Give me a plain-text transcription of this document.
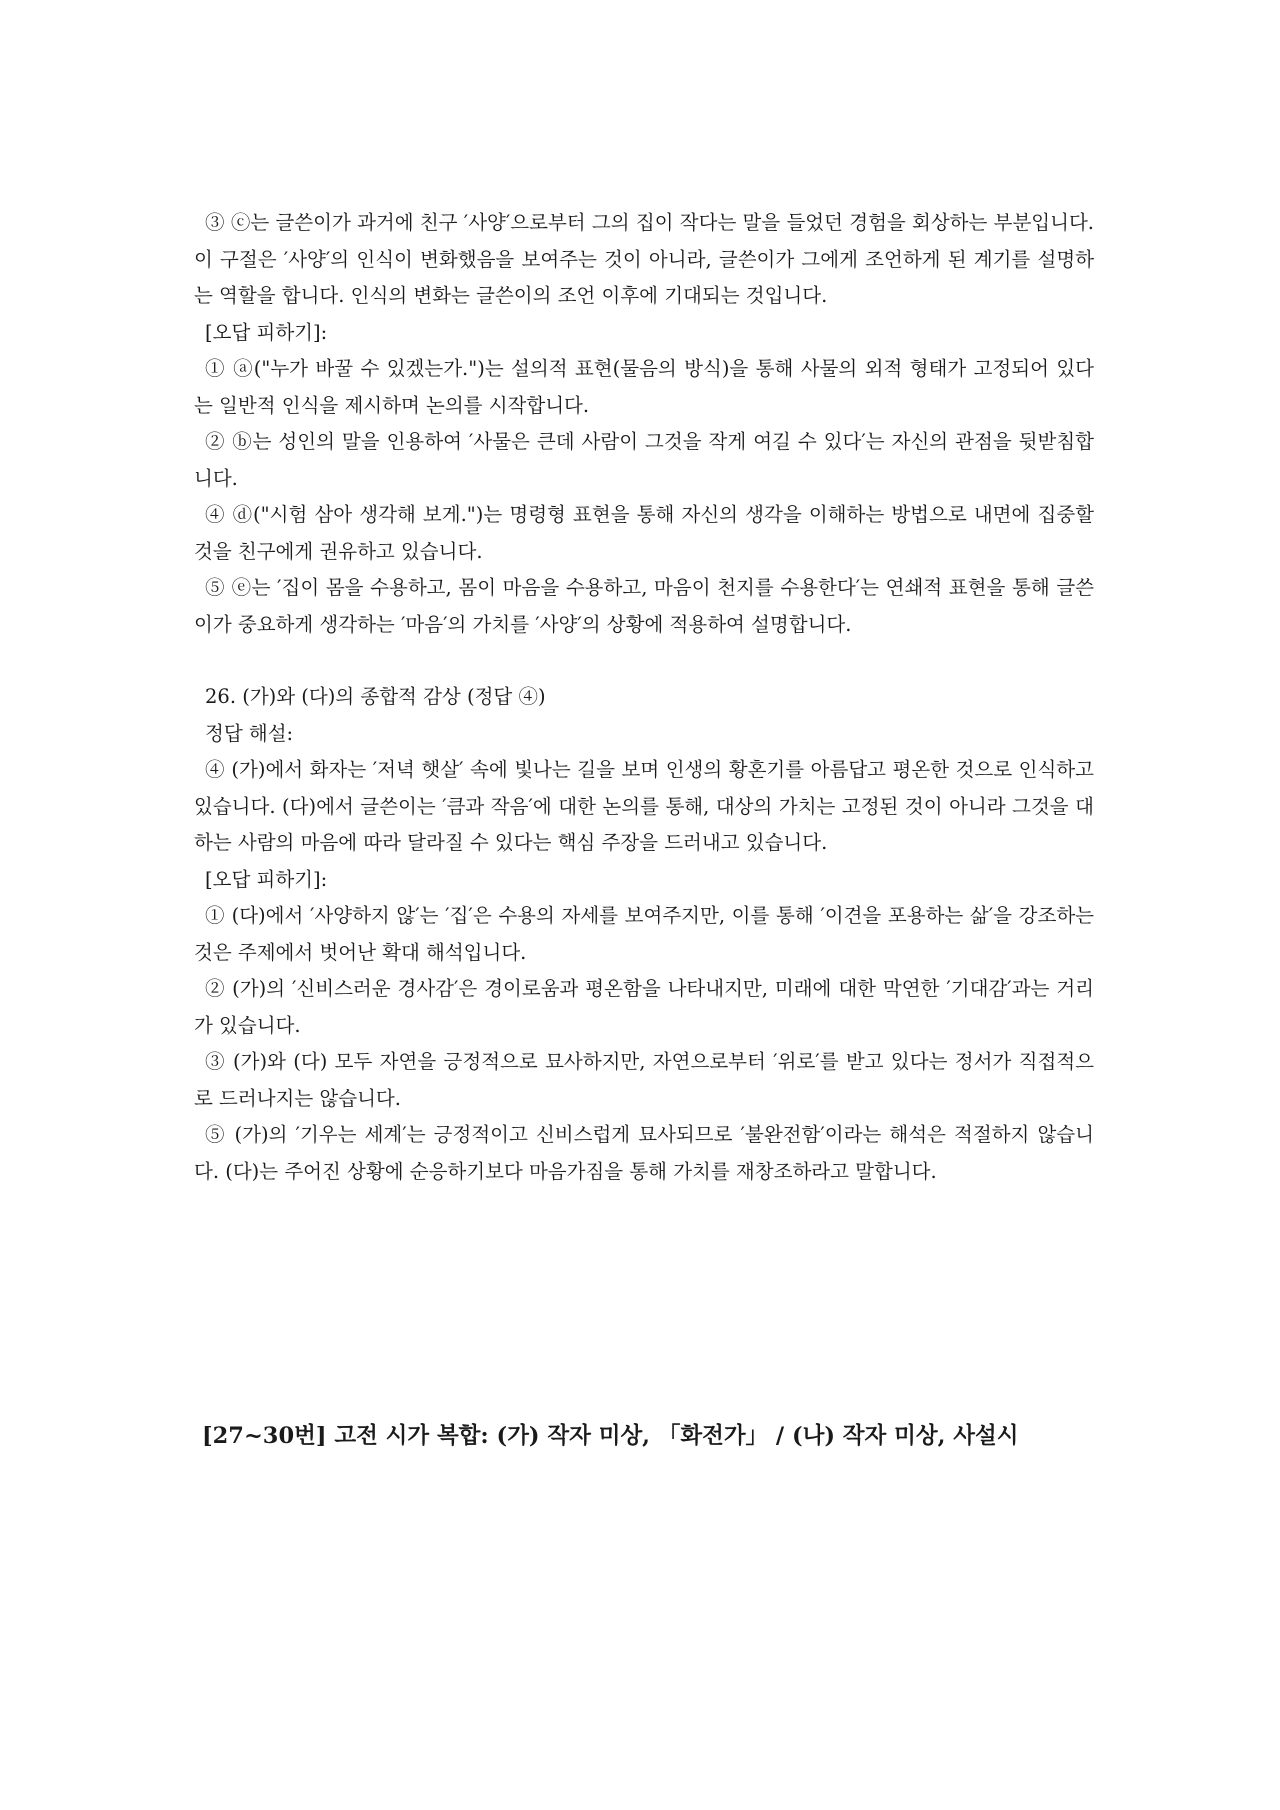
③ ⓒ는 글쓴이가 과거에 친구 ′사양′으로부터 그의 집이 작다는 말을 들었던 경험을 회상하는 부분입니다. 이 구절은 ′사양′의 인식이 변화했음을 보여주는 것이 아니라, 글쓴이가 그에게 조언하게 된 계기를 설명하는 역할을 합니다. 인식의 변화는 글쓴이의 조언 이후에 기대되는 것입니다.

[오답 피하기]:

① ⓐ("누가 바꿀 수 있겠는가.")는 설의적 표현(물음의 방식)을 통해 사물의 외적 형태가 고정되어 있다는 일반적 인식을 제시하며 논의를 시작합니다.

② ⓑ는 성인의 말을 인용하여 ′사물은 큰데 사람이 그것을 작게 여길 수 있다′는 자신의 관점을 뒷받침합니다.

④ ⓓ("시험 삼아 생각해 보게.")는 명령형 표현을 통해 자신의 생각을 이해하는 방법으로 내면에 집중할 것을 친구에게 권유하고 있습니다.

⑤ ⓔ는 ′집이 몸을 수용하고, 몸이 마음을 수용하고, 마음이 천지를 수용한다′는 연쇄적 표현을 통해 글쓴이가 중요하게 생각하는 ′마음′의 가치를 ′사양′의 상황에 적용하여 설명합니다.

26. (가)와 (다)의 종합적 감상 (정답 ④)

정답 해설:

④ (가)에서 화자는 ′저녁 햇살′ 속에 빛나는 길을 보며 인생의 황혼기를 아름답고 평온한 것으로 인식하고 있습니다. (다)에서 글쓴이는 ′큼과 작음′에 대한 논의를 통해, 대상의 가치는 고정된 것이 아니라 그것을 대하는 사람의 마음에 따라 달라질 수 있다는 핵심 주장을 드러내고 있습니다.

[오답 피하기]:

① (다)에서 ′사양하지 않′는 ′집′은 수용의 자세를 보여주지만, 이를 통해 ′이견을 포용하는 삶′을 강조하는 것은 주제에서 벗어난 확대 해석입니다.

② (가)의 ′신비스러운 경사감′은 경이로움과 평온함을 나타내지만, 미래에 대한 막연한 ′기대감′과는 거리가 있습니다.

③ (가)와 (다) 모두 자연을 긍정적으로 묘사하지만, 자연으로부터 ′위로′를 받고 있다는 정서가 직접적으로 드러나지는 않습니다.

⑤ (가)의 ′기우는 세계′는 긍정적이고 신비스럽게 묘사되므로 ′불완전함′이라는 해석은 적절하지 않습니다. (다)는 주어진 상황에 순응하기보다 마음가짐을 통해 가치를 재창조하라고 말합니다.

[27~30번] 고전 시가 복합: (가) 작자 미상, 「화전가」 / (나) 작자 미상, 사설시
